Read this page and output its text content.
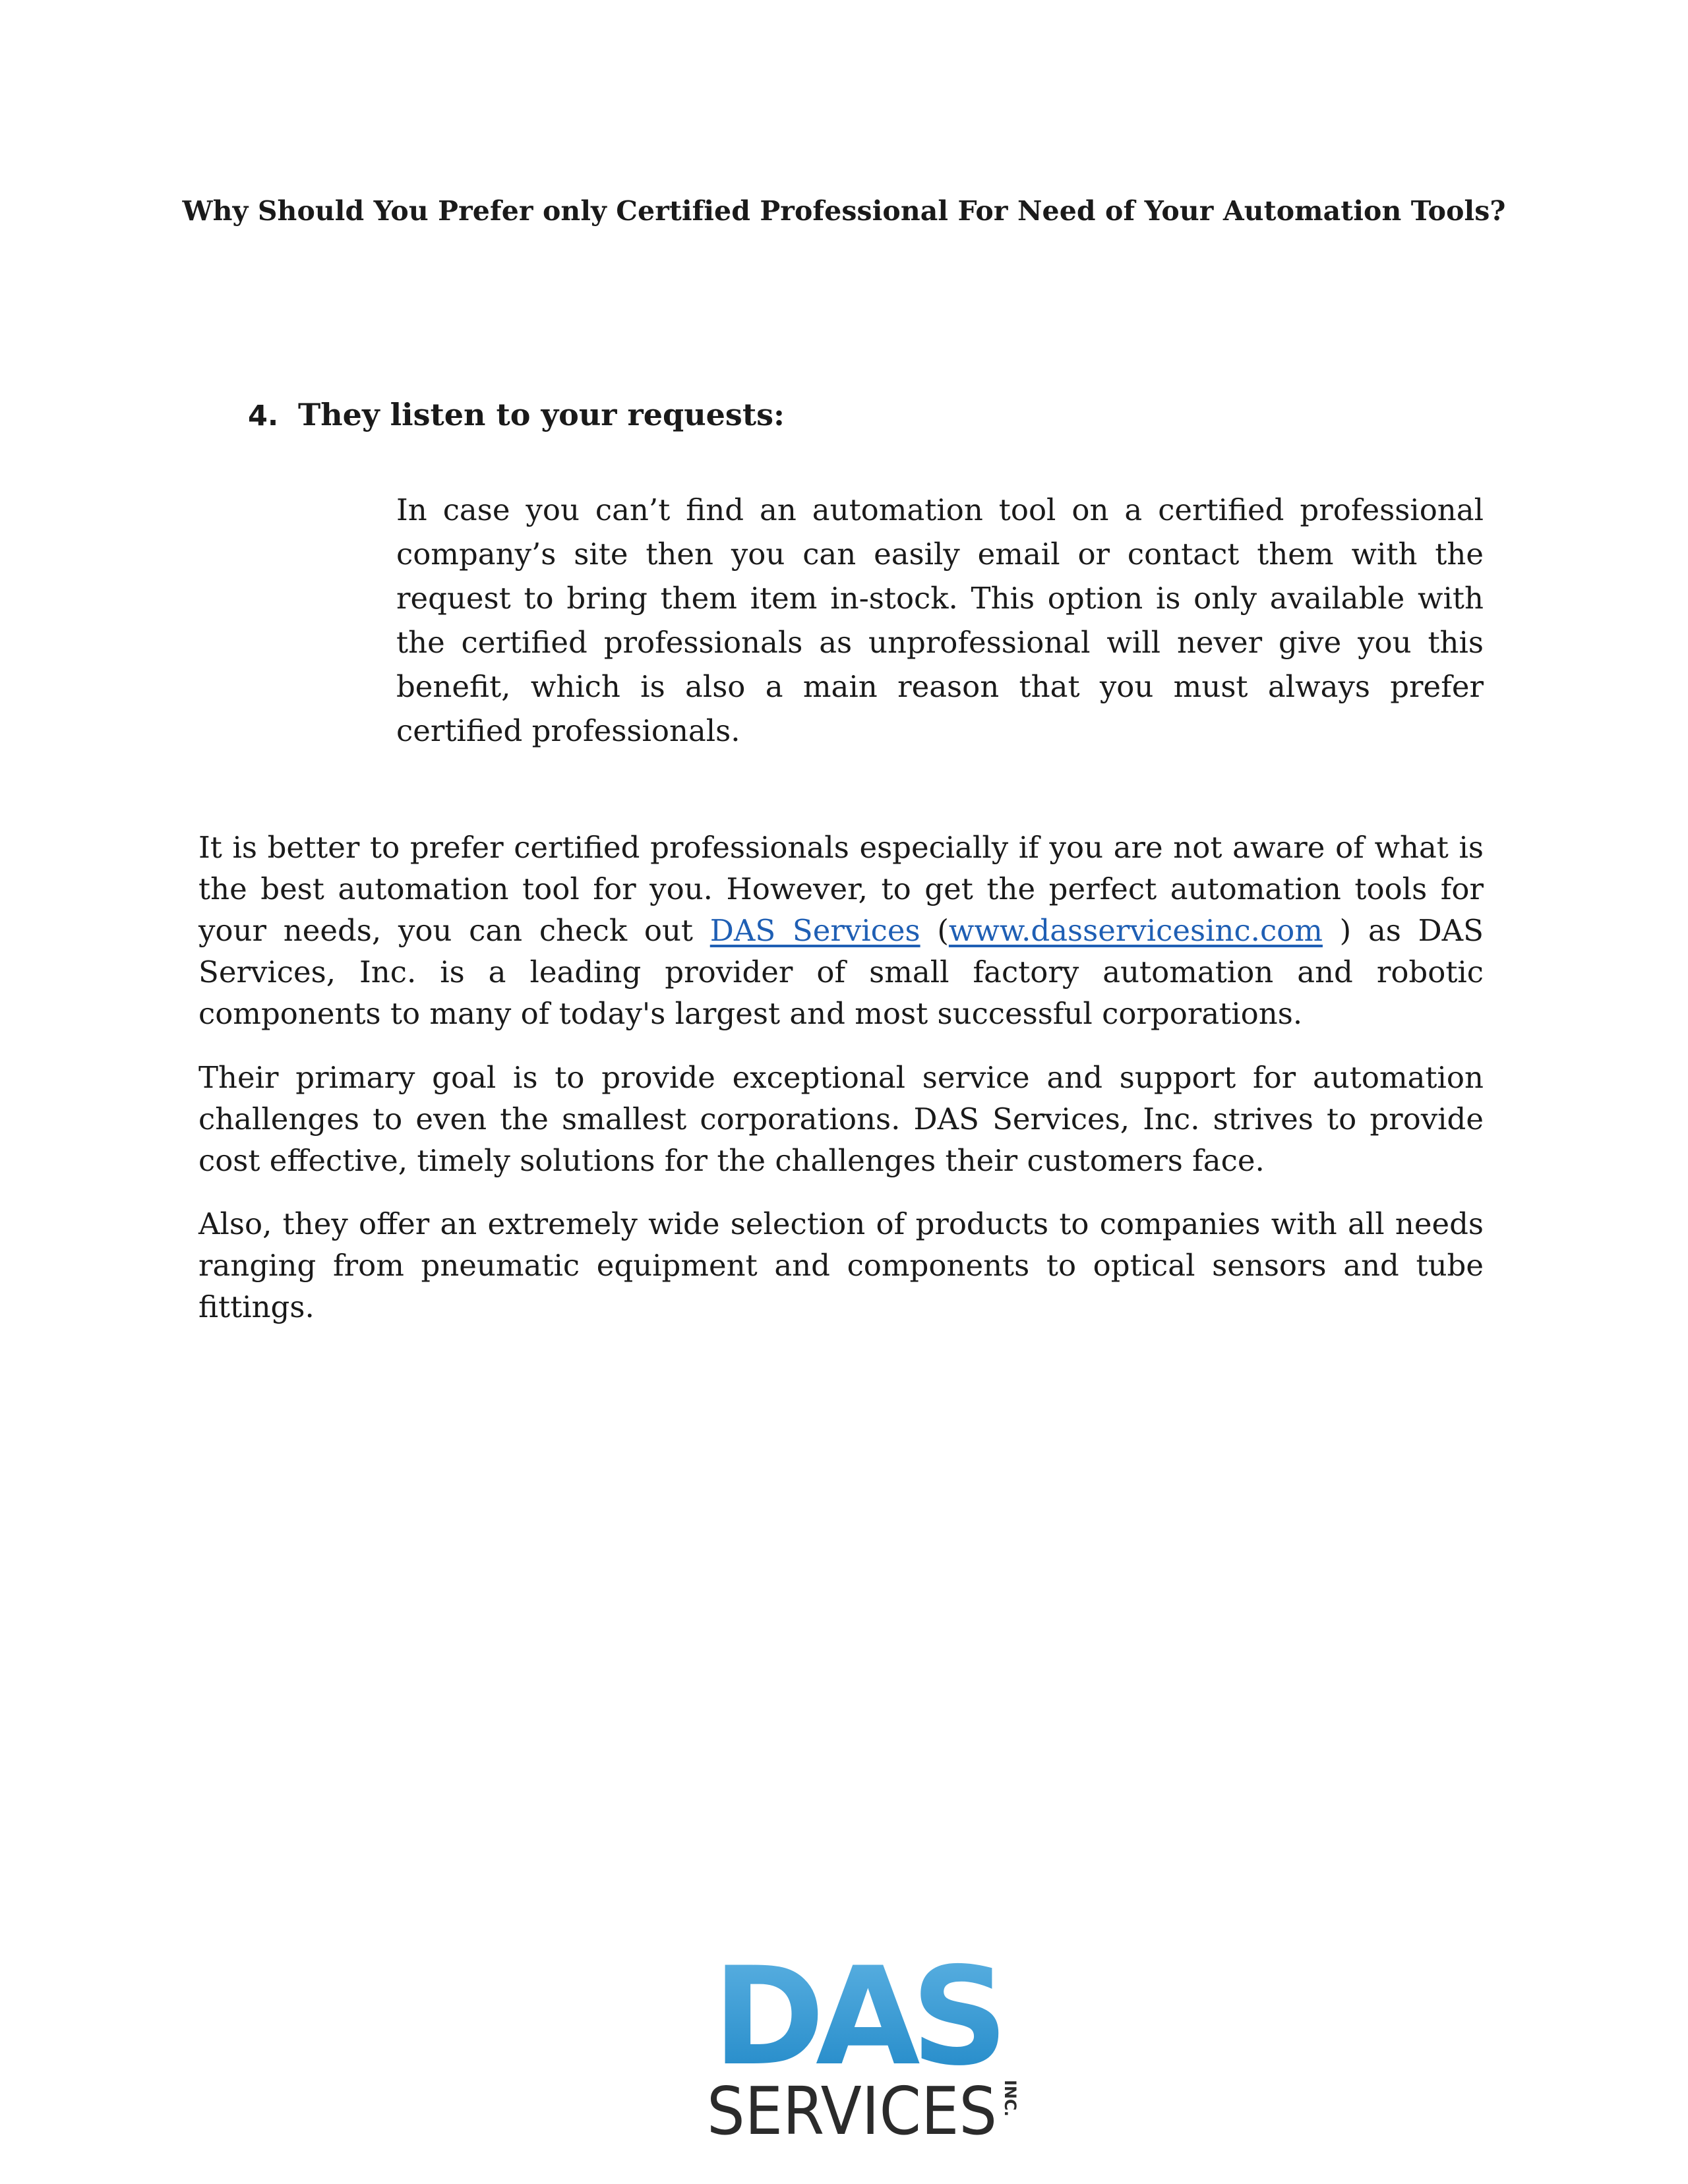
Why Should You Prefer only Certified Professional For Need of Your Automation Tools?
4. They listen to your requests:

In case you can’t find an automation tool on a certified professional company’s site then you can easily email or contact them with the request to bring them item in-stock. This option is only available with the certified professionals as unprofessional will never give you this benefit, which is also a main reason that you must always prefer certified professionals.

It is better to prefer certified professionals especially if you are not aware of what is the best automation tool for you. However, to get the perfect automation tools for your needs, you can check out DAS Services (www.dasservicesinc.com ) as DAS Services, Inc. is a leading provider of small factory automation and robotic components to many of today's largest and most successful corporations.

Their primary goal is to provide exceptional service and support for automation challenges to even the smallest corporations. DAS Services, Inc. strives to provide cost effective, timely solutions for the challenges their customers face.

Also, they offer an extremely wide selection of products to companies with all needs ranging from pneumatic equipment and components to optical sensors and tube fittings.

DAS
SERVICES INC.
